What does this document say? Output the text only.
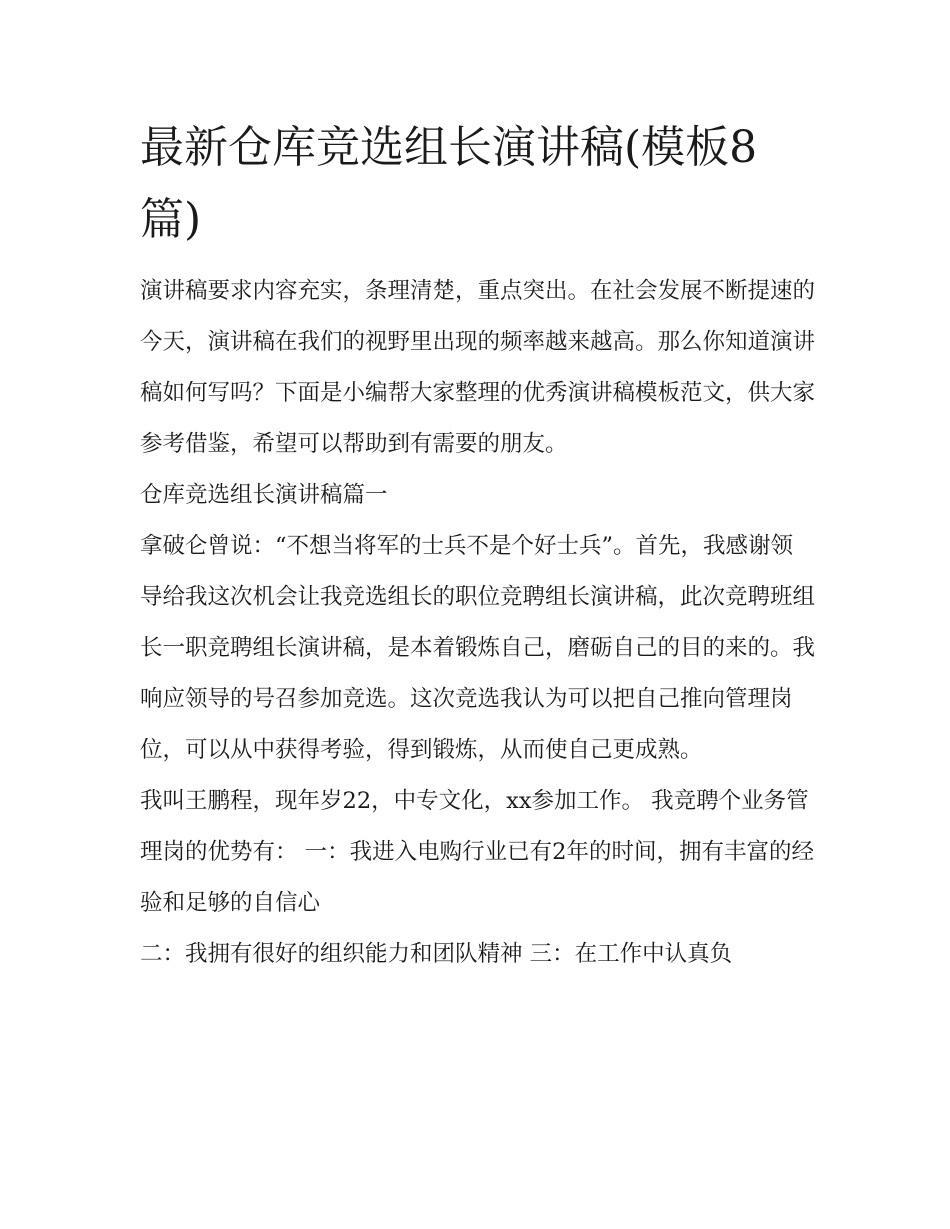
最新仓库竞选组长演讲稿(模板8篇)

演讲稿要求内容充实，条理清楚，重点突出。在社会发展不断提速的今天，演讲稿在我们的视野里出现的频率越来越高。那么你知道演讲稿如何写吗？下面是小编帮大家整理的优秀演讲稿模板范文，供大家参考借鉴，希望可以帮助到有需要的朋友。

仓库竞选组长演讲稿篇一

拿破仑曾说：“不想当将军的士兵不是个好士兵”。首先，我感谢领导给我这次机会让我竞选组长的职位竞聘组长演讲稿，此次竞聘班组长一职竞聘组长演讲稿，是本着锻炼自己，磨砺自己的目的来的。我响应领导的号召参加竞选。这次竞选我认为可以把自己推向管理岗位，可以从中获得考验，得到锻炼，从而使自己更成熟。

我叫王鹏程，现年岁22，中专文化，xx参加工作。 我竞聘个业务管理岗的优势有： 一：我进入电购行业已有2年的时间，拥有丰富的经验和足够的自信心

二：我拥有很好的组织能力和团队精神 三：在工作中认真负
